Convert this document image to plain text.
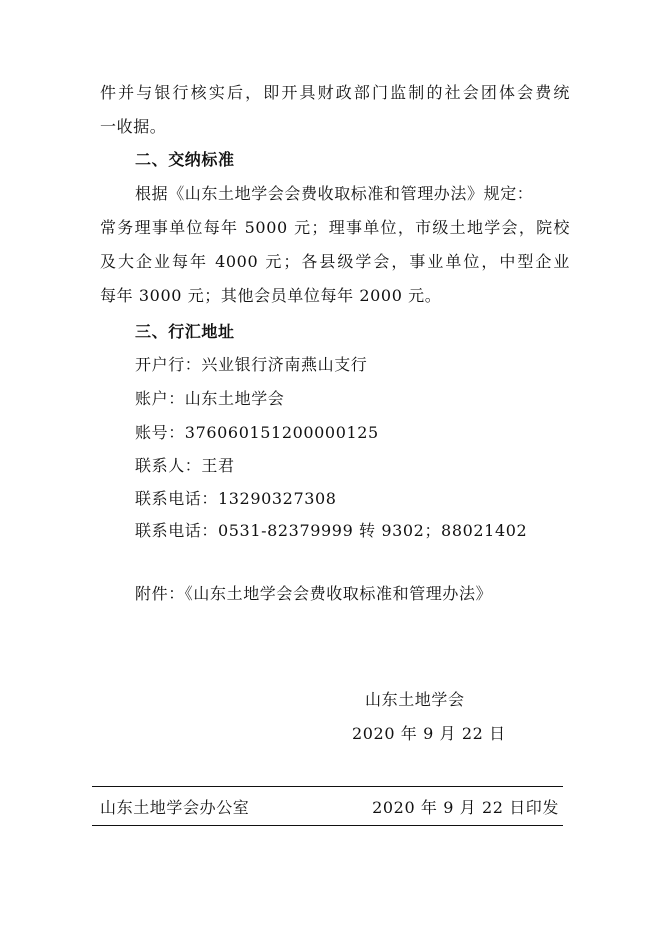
件并与银行核实后，即开具财政部门监制的社会团体会费统
一收据。
二、交纳标准
根据《山东土地学会会费收取标准和管理办法》规定：
常务理事单位每年 5000 元；理事单位，市级土地学会，院校
及大企业每年 4000 元；各县级学会，事业单位，中型企业
每年 3000 元；其他会员单位每年 2000 元。
三、行汇地址
开户行：兴业银行济南燕山支行
账户：山东土地学会
账号：376060151200000125
联系人：王君
联系电话：13290327308
联系电话：0531-82379999 转 9302；88021402
附件：《山东土地学会会费收取标准和管理办法》
山东土地学会
2020 年 9 月 22 日
山东土地学会办公室	2020 年 9 月 22 日印发
